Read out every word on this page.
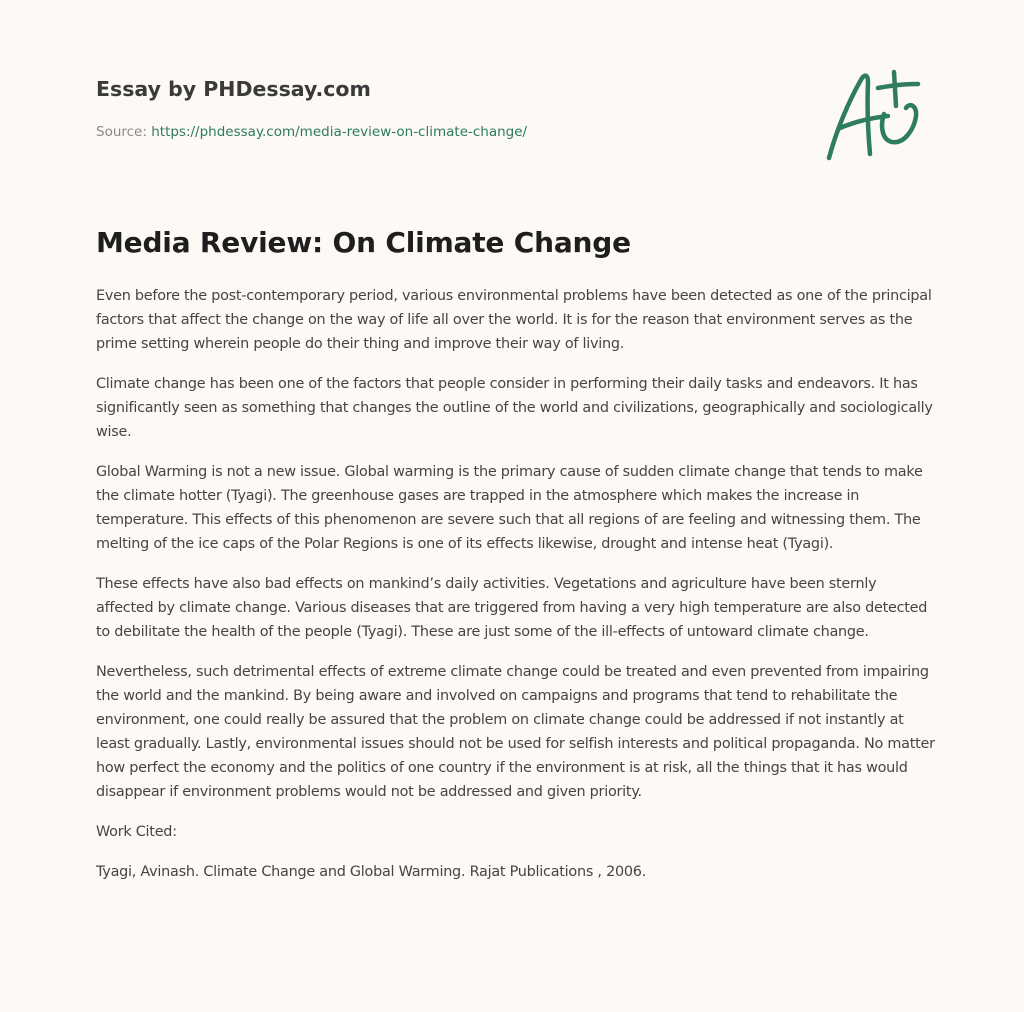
Essay by PHDessay.com
Source: https://phdessay.com/media-review-on-climate-change/
Media Review: On Climate Change

Even before the post-contemporary period, various environmental problems have been detected as one of the principal factors that affect the change on the way of life all over the world. It is for the reason that environment serves as the prime setting wherein people do their thing and improve their way of living.

Climate change has been one of the factors that people consider in performing their daily tasks and endeavors. It has significantly seen as something that changes the outline of the world and civilizations, geographically and sociologically wise.

Global Warming is not a new issue. Global warming is the primary cause of sudden climate change that tends to make the climate hotter (Tyagi). The greenhouse gases are trapped in the atmosphere which makes the increase in temperature. This effects of this phenomenon are severe such that all regions of are feeling and witnessing them. The melting of the ice caps of the Polar Regions is one of its effects likewise, drought and intense heat (Tyagi).

These effects have also bad effects on mankind’s daily activities. Vegetations and agriculture have been sternly affected by climate change. Various diseases that are triggered from having a very high temperature are also detected to debilitate the health of the people (Tyagi). These are just some of the ill-effects of untoward climate change.

Nevertheless, such detrimental effects of extreme climate change could be treated and even prevented from impairing the world and the mankind. By being aware and involved on campaigns and programs that tend to rehabilitate the environment, one could really be assured that the problem on climate change could be addressed if not instantly at least gradually. Lastly, environmental issues should not be used for selfish interests and political propaganda. No matter how perfect the economy and the politics of one country if the environment is at risk, all the things that it has would disappear if environment problems would not be addressed and given priority.

Work Cited:

Tyagi, Avinash. Climate Change and Global Warming. Rajat Publications , 2006.
